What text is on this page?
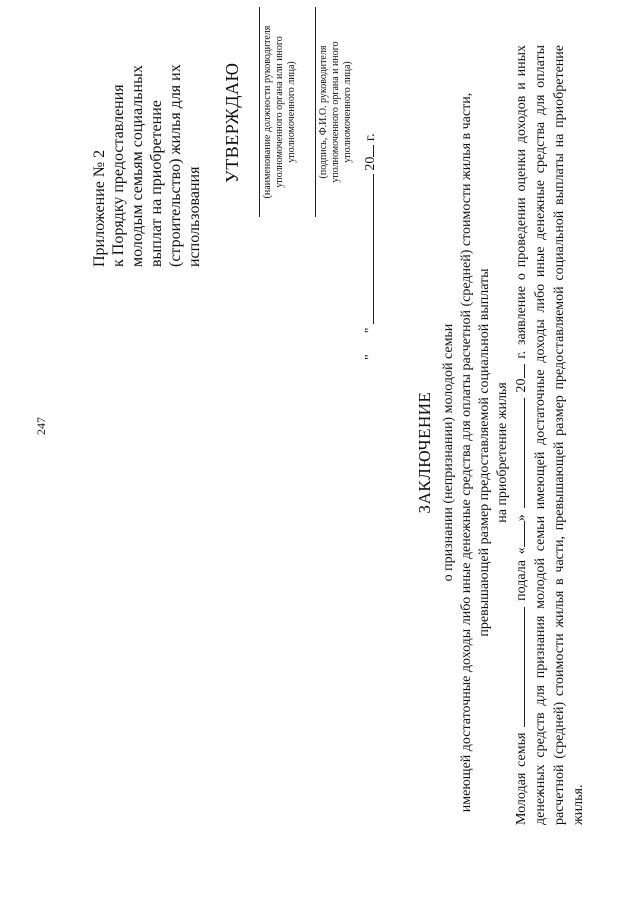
247
Приложение № 2 к Порядку предоставления молодым семьям социальных выплат на приобретение (строительство) жилья для их использования
УТВЕРЖДАЮ (наименование должности руководителя уполномоченного органа или иного уполномоченного лица) (подпись, Ф.И.О. руководителя уполномоченного органа и иного уполномоченного лица)
"  "  20 г.
ЗАКЛЮЧЕНИЕ о признании (непризнании) молодой семьи имеющей достаточные доходы либо иные денежные средства для оплаты расчетной (средней) стоимости жилья в части, превышающей размер предоставляемой социальной выплаты на приобретение жилья
Молодая семья  подала «»  20 г. заявление о проведении оценки доходов и иных денежных средств для признания молодой семьи имеющей достаточные доходы либо иные денежные средства для оплаты расчетной (средней) стоимости жилья в части, превышающей размер предоставляемой социальной выплаты на приобретение жилья.
